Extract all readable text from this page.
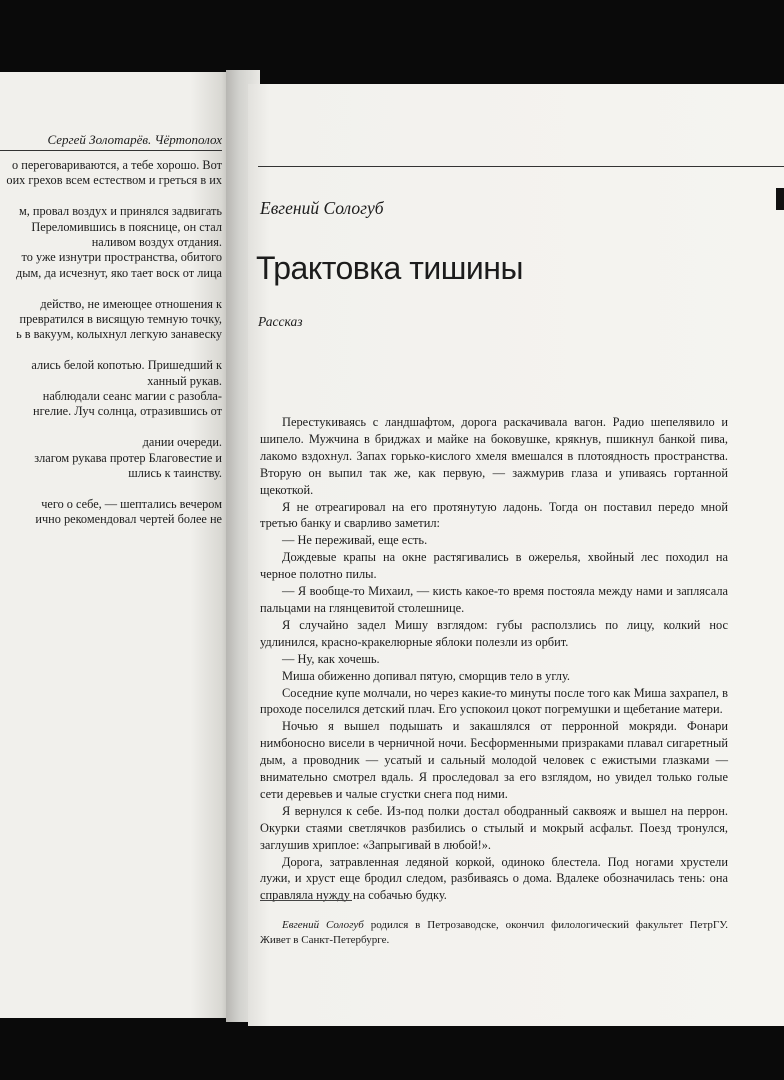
Сергей Золотарёв. Чёртополох
о переговариваются, а тебе хорошо. Вот
оих грехов всем естеством и греться в их
м, провал воздух и принялся задвигать
Переломившись в пояснице, он стал
наливом воздух отдания.
то уже изнутри пространства, обитого
дым, да исчезнут, яко тает воск от лица
действо, не имеющее отношения к
превратился в висящую темную точку,
ь в вакуум, колыхнул легкую занавеску
ались белой копотью. Пришедший к
ханный рукав.
наблюдали сеанс магии с разобла-
нгелие. Луч солнца, отразившись от
дании очереди.
злагом рукава протер Благовестие и
шлись к таинству.
чего о себе, — шептались вечером
ично рекомендовал чертей более не
Евгений Сологуб
Трактовка тишины
Рассказ

Перестукиваясь с ландшафтом, дорога раскачивала вагон. Радио шепелявило и шипело. Мужчина в бриджах и майке на боковушке, крякнув, пшикнул банкой пива, лакомо вздохнул. Запах горько-кислого хмеля вмешался в плотоядность пространства. Вторую он выпил так же, как первую, — зажмурив глаза и упиваясь гортанной щекоткой.

Я не отреагировал на его протянутую ладонь. Тогда он поставил передо мной третью банку и сварливо заметил:

— Не переживай, еще есть.

Дождевые крапы на окне растягивались в ожерелья, хвойный лес походил на черное полотно пилы.

— Я вообще-то Михаил, — кисть какое-то время постояла между нами и заплясала пальцами на глянцевитой столешнице.

Я случайно задел Мишу взглядом: губы расползлись по лицу, колкий нос удлинился, красно-кракелюрные яблоки полезли из орбит.

— Ну, как хочешь.

Миша обиженно допивал пятую, сморщив тело в углу.

Соседние купе молчали, но через какие-то минуты после того как Миша захрапел, в проходе поселился детский плач. Его успокоил цокот погремушки и щебетание матери.

Ночью я вышел подышать и закашлялся от перронной мокряди. Фонари нимбоносно висели в черничной ночи. Бесформенными призраками плавал сигаретный дым, а проводник — усатый и сальный молодой человек с ежистыми глазками — внимательно смотрел вдаль. Я проследовал за его взглядом, но увидел только голые сети деревьев и чалые сгустки снега под ними.

Я вернулся к себе. Из-под полки достал ободранный саквояж и вышел на перрон. Окурки стаями светлячков разбились о стылый и мокрый асфальт. Поезд тронулся, заглушив хриплое: «Запрыгивай в любой!».

Дорога, затравленная ледяной коркой, одиноко блестела. Под ногами хрустели лужи, и хруст еще бродил следом, разбиваясь о дома. Вдалеке обозначилась тень: она справляла нужду на собачью будку.

Евгений Сологуб родился в Петрозаводске, окончил филологический факультет ПетрГУ. Живет в Санкт-Петербурге.
